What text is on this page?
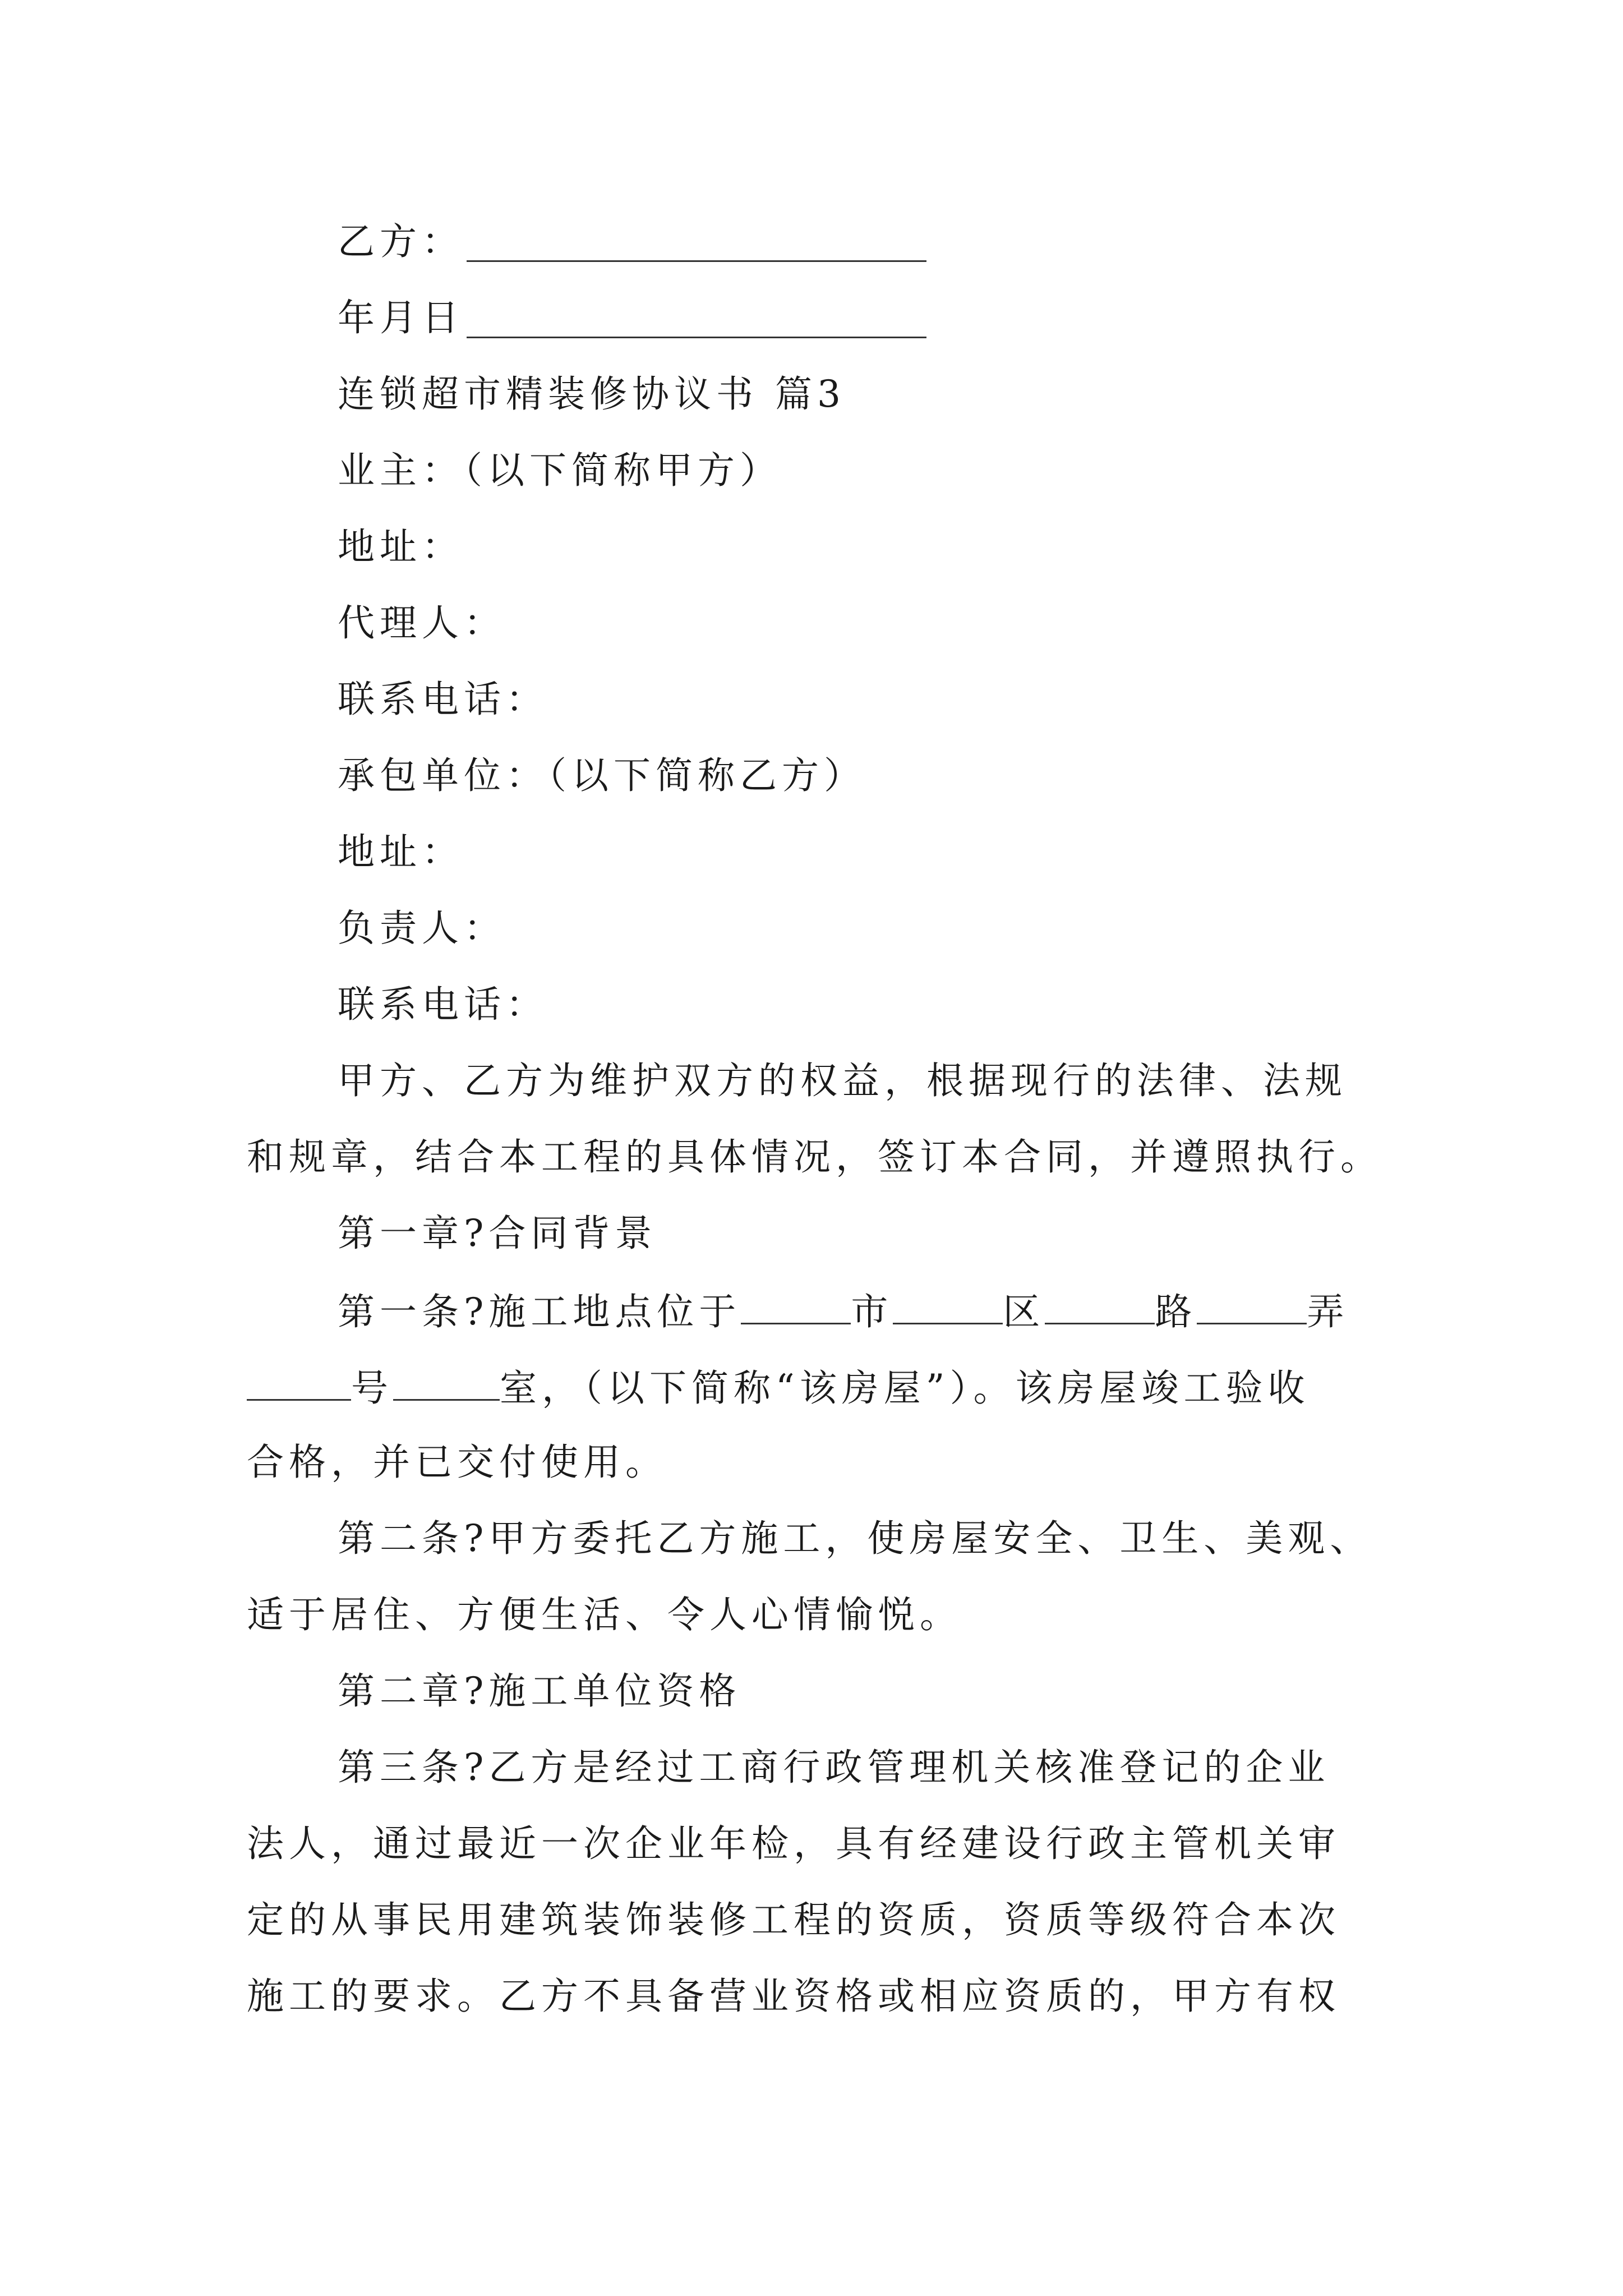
乙方：
年月日
连锁超市精装修协议书 篇3
业主：（以下简称甲方）
地址：
代理人：
联系电话：
承包单位：（以下简称乙方）
地址：
负责人：
联系电话：
甲方、乙方为维护双方的权益，根据现行的法律、法规
和规章，结合本工程的具体情况，签订本合同，并遵照执行。
第一章?合同背景
第一条?施工地点位于	市	区	路	弄
号	室，（以下简称“该房屋”）。该房屋竣工验收
合格，并已交付使用。
第二条?甲方委托乙方施工，使房屋安全、卫生、美观、
适于居住、方便生活、令人心情愉悦。
第二章?施工单位资格
第三条?乙方是经过工商行政管理机关核准登记的企业
法人，通过最近一次企业年检，具有经建设行政主管机关审
定的从事民用建筑装饰装修工程的资质，资质等级符合本次
施工的要求。乙方不具备营业资格或相应资质的，甲方有权
